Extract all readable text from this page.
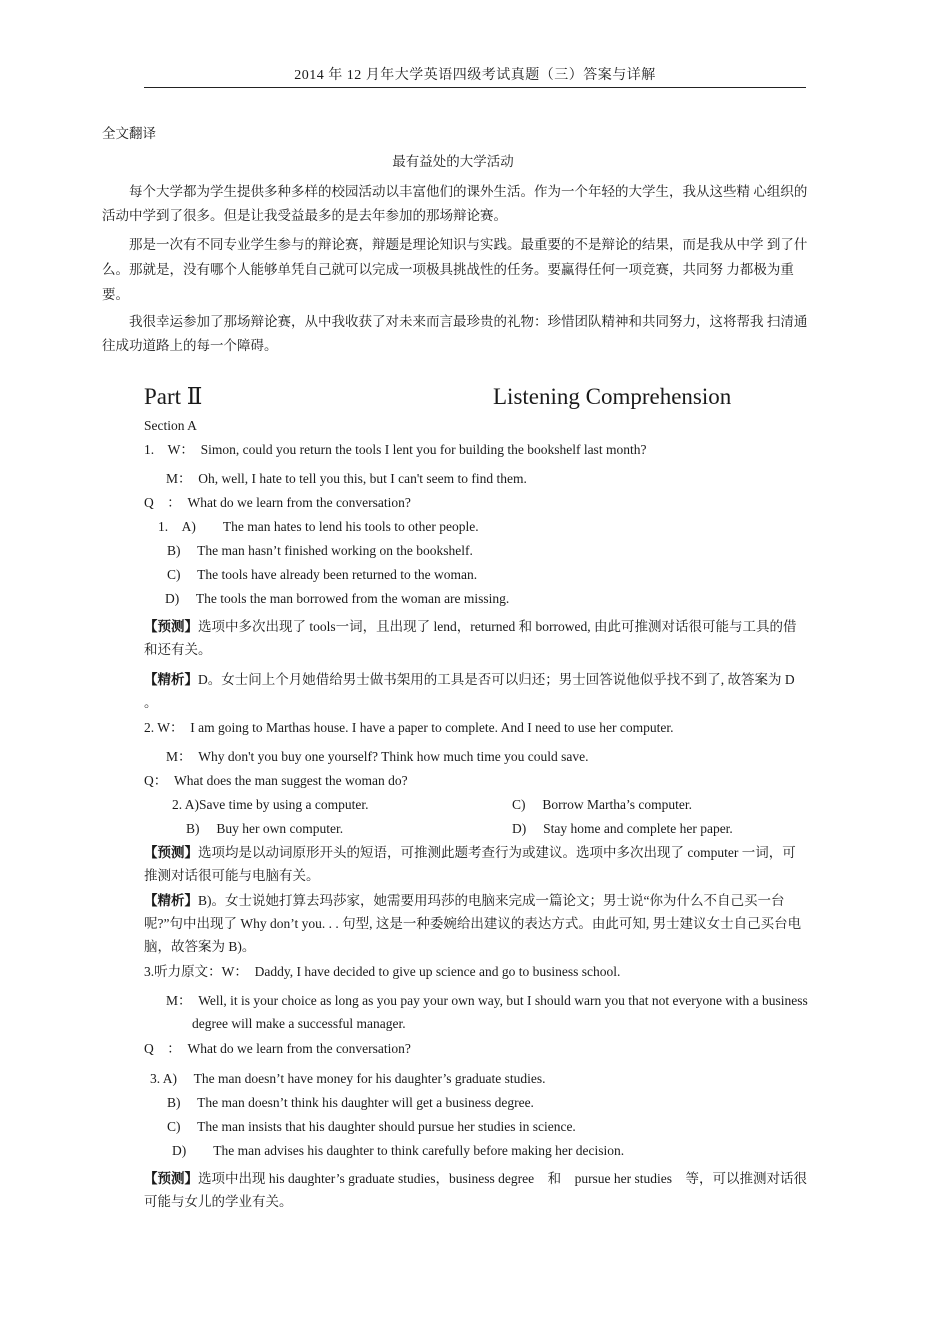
2014 年 12 月年大学英语四级考试真题（三）答案与详解
全文翻译
最有益处的大学活动
每个大学都为学生提供多种多样的校园活动以丰富他们的课外生活。作为一个年轻的大学生，我从这些精 心组织的活动中学到了很多。但是让我受益最多的是去年参加的那场辩论赛。
那是一次有不同专业学生参与的辩论赛，辩题是理论知识与实践。最重要的不是辩论的结果，而是我从中学 到了什么。那就是，没有哪个人能够单凭自己就可以完成一项极具挑战性的任务。要赢得任何一项竞赛，共同努 力都极为重要。
我很幸运参加了那场辩论赛，从中我收获了对未来而言最珍贵的礼物：珍惜团队精神和共同努力，这将帮我 扫清通往成功道路上的每一个障碍。
Part Ⅱ	Listening Comprehension
Section A
1.　W：　Simon, could you return the tools I lent you for building the bookshelf last month?
M：　Oh, well, I hate to tell you this, but I can't seem to find them.
Q　：　What do we learn from the conversation?
1.　A)　　The man hates to lend his tools to other people.
B)　 The man hasn’t finished working on the bookshelf.
C)　 The tools have already been returned to the woman.
D)　 The tools the man borrowed from the woman are missing.
【预测】选项中多次出现了 tools一词，且出现了 lend，returned 和 borrowed, 由此可推测对话很可能与工具的借和还有关。
【精析】D。女士问上个月她借给男士做书架用的工具是否可以归还；男士回答说他似乎找不到了, 故答案为 D 。
2. W：　I am going to Marthas house. I have a paper to complete. And I need to use her computer.
M：　Why don't you buy one yourself? Think how much time you could save.
Q：　What does the man suggest the woman do?
2. A)Save time by using a computer.	C)　 Borrow Martha’s computer.
B)　 Buy her own computer.	D)　 Stay home and complete her paper.
【预测】选项均是以动词原形开头的短语，可推测此题考查行为或建议。选项中多次出现了 computer 一词，可推测对话很可能与电脑有关。
【精析】B)。女士说她打算去玛莎家，她需要用玛莎的电脑来完成一篇论文；男士说“你为什么不自己买一台呢?”句中出现了 Why don’t you. . . 句型, 这是一种委婉给出建议的表达方式。由此可知, 男士建议女士自己买台电脑，故答案为 B)。
3.听力原文：W：　Daddy, I have decided to give up science and go to business school.
M：　Well, it is your choice as long as you pay your own way, but I should warn you that not everyone with a business degree will make a successful manager.
Q　：　What do we learn from the conversation?
3. A)　 The man doesn’t have money for his daughter’s graduate studies.
B)　 The man doesn’t think his daughter will get a business degree.
C)　 The man insists that his daughter should pursue her studies in science.
D)　　The man advises his daughter to think carefully before making her decision.
【预测】选项中出现 his daughter’s graduate studies，business degree　和　pursue her studies　等，可以推测对话很可能与女儿的学业有关。
